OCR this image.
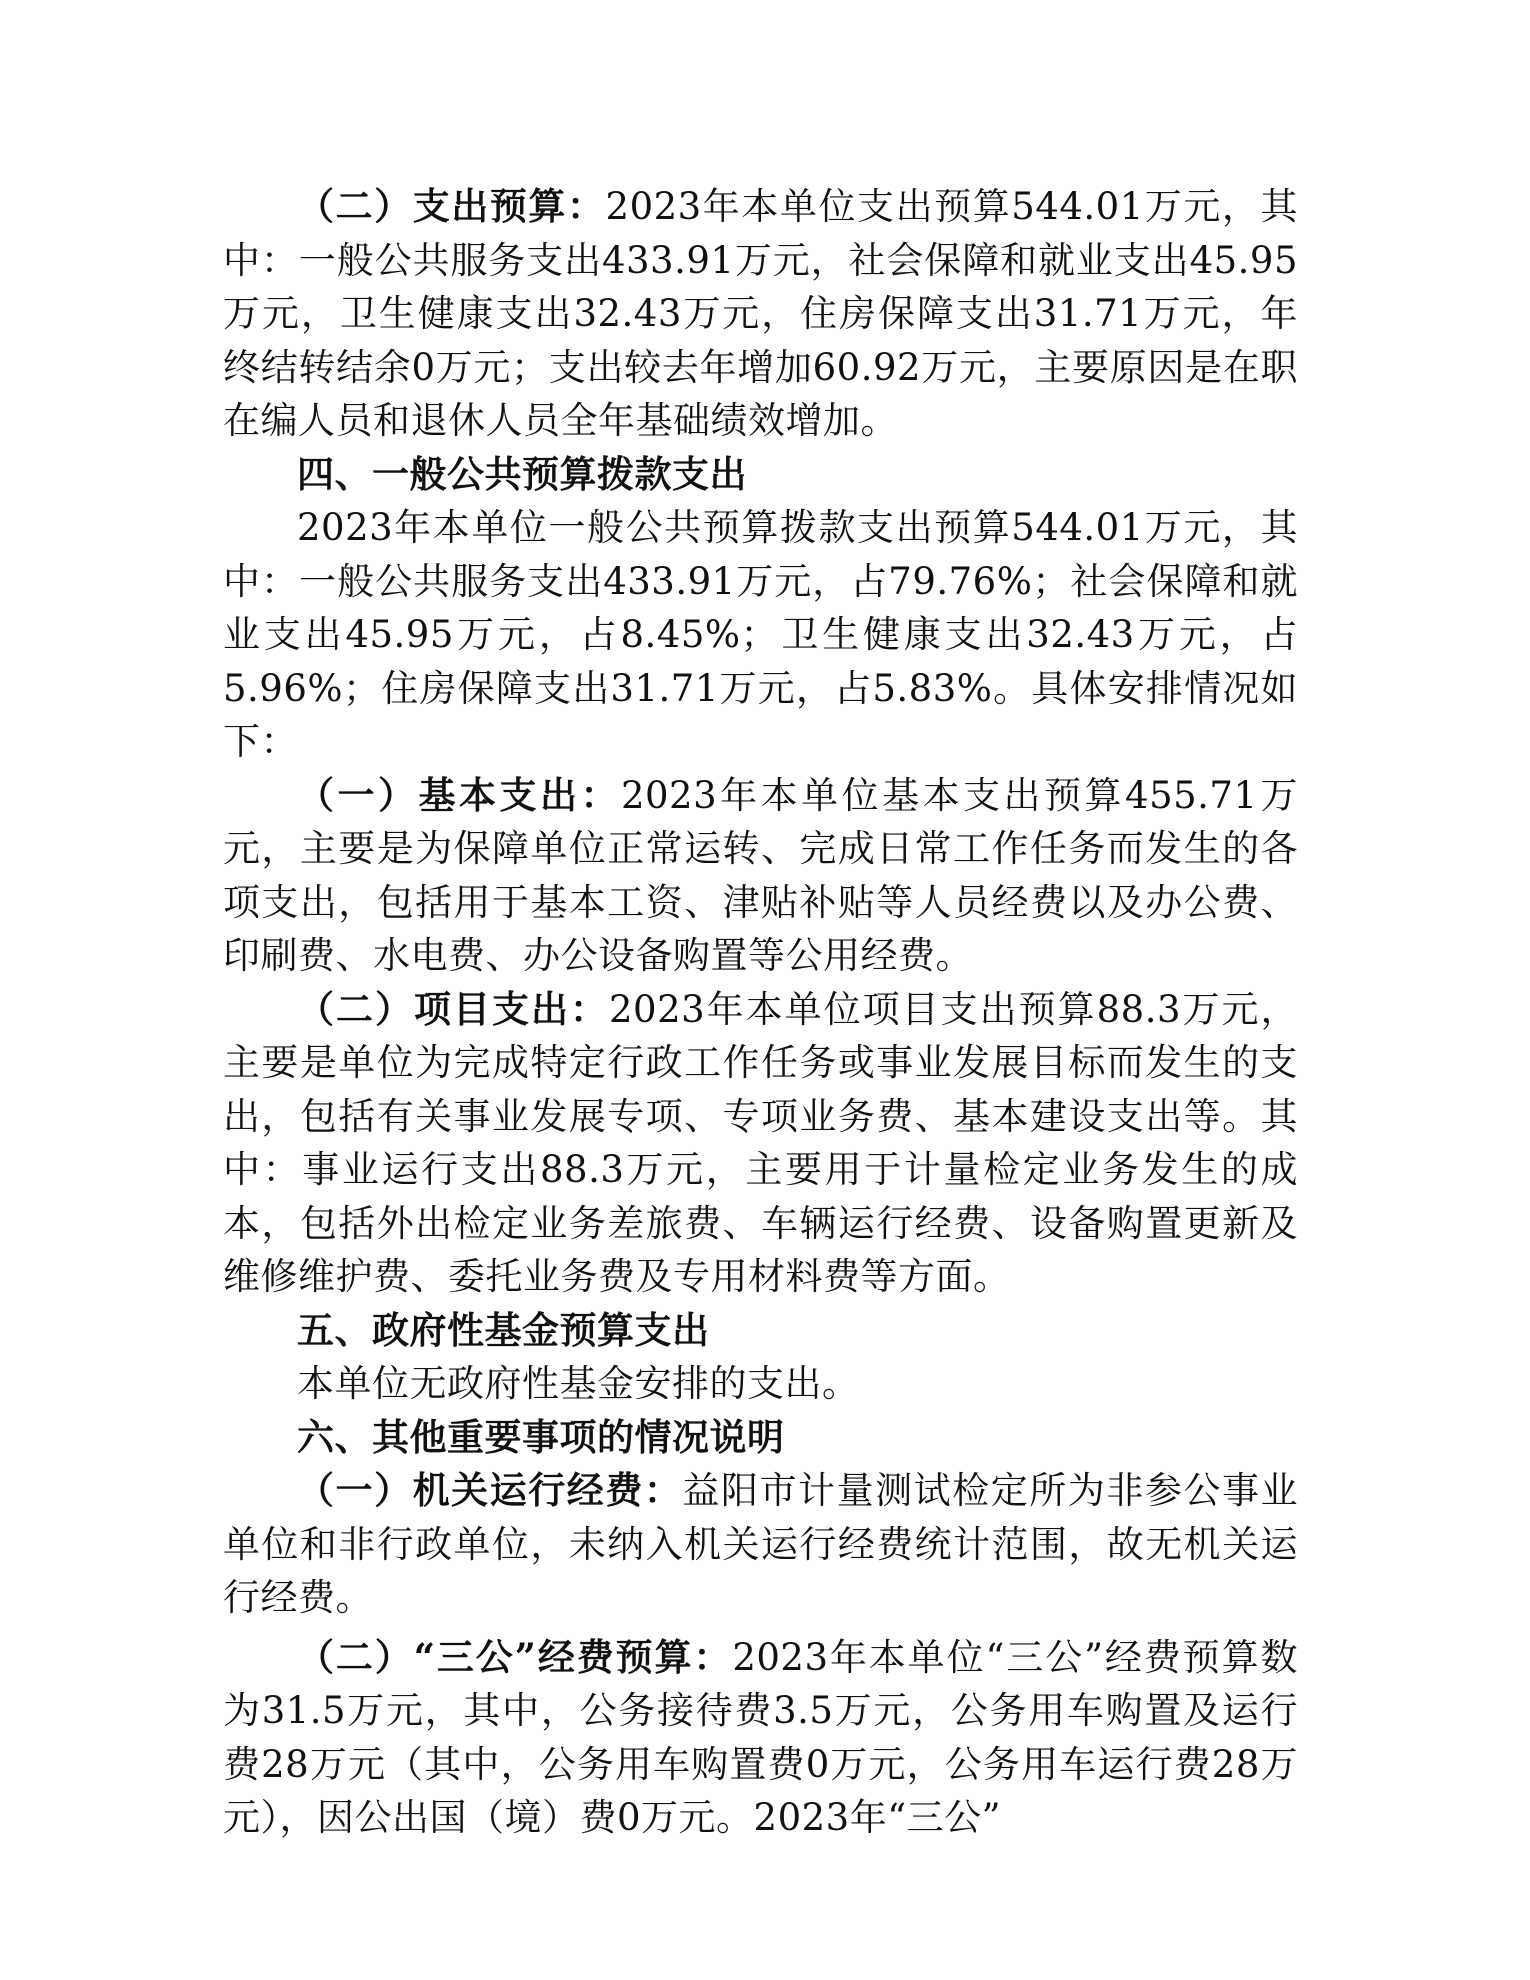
（二）支出预算：2023年本单位支出预算544.01万元，其中：一般公共服务支出433.91万元，社会保障和就业支出45.95万元，卫生健康支出32.43万元，住房保障支出31.71万元，年终结转结余0万元；支出较去年增加60.92万元，主要原因是在职在编人员和退休人员全年基础绩效增加。

四、一般公共预算拨款支出

2023年本单位一般公共预算拨款支出预算544.01万元，其中：一般公共服务支出433.91万元，占79.76%；社会保障和就业支出45.95万元，占8.45%；卫生健康支出32.43万元，占5.96%；住房保障支出31.71万元，占5.83%。具体安排情况如下：

（一）基本支出：2023年本单位基本支出预算455.71万元，主要是为保障单位正常运转、完成日常工作任务而发生的各项支出，包括用于基本工资、津贴补贴等人员经费以及办公费、印刷费、水电费、办公设备购置等公用经费。

（二）项目支出：2023年本单位项目支出预算88.3万元，主要是单位为完成特定行政工作任务或事业发展目标而发生的支出，包括有关事业发展专项、专项业务费、基本建设支出等。其中：事业运行支出88.3万元，主要用于计量检定业务发生的成本，包括外出检定业务差旅费、车辆运行经费、设备购置更新及维修维护费、委托业务费及专用材料费等方面。

五、政府性基金预算支出

本单位无政府性基金安排的支出。

六、其他重要事项的情况说明

（一）机关运行经费：益阳市计量测试检定所为非参公事业单位和非行政单位，未纳入机关运行经费统计范围，故无机关运行经费。

（二）“三公”经费预算：2023年本单位“三公”经费预算数为31.5万元，其中，公务接待费3.5万元，公务用车购置及运行费28万元（其中，公务用车购置费0万元，公务用车运行费28万元），因公出国（境）费0万元。2023年“三公”
